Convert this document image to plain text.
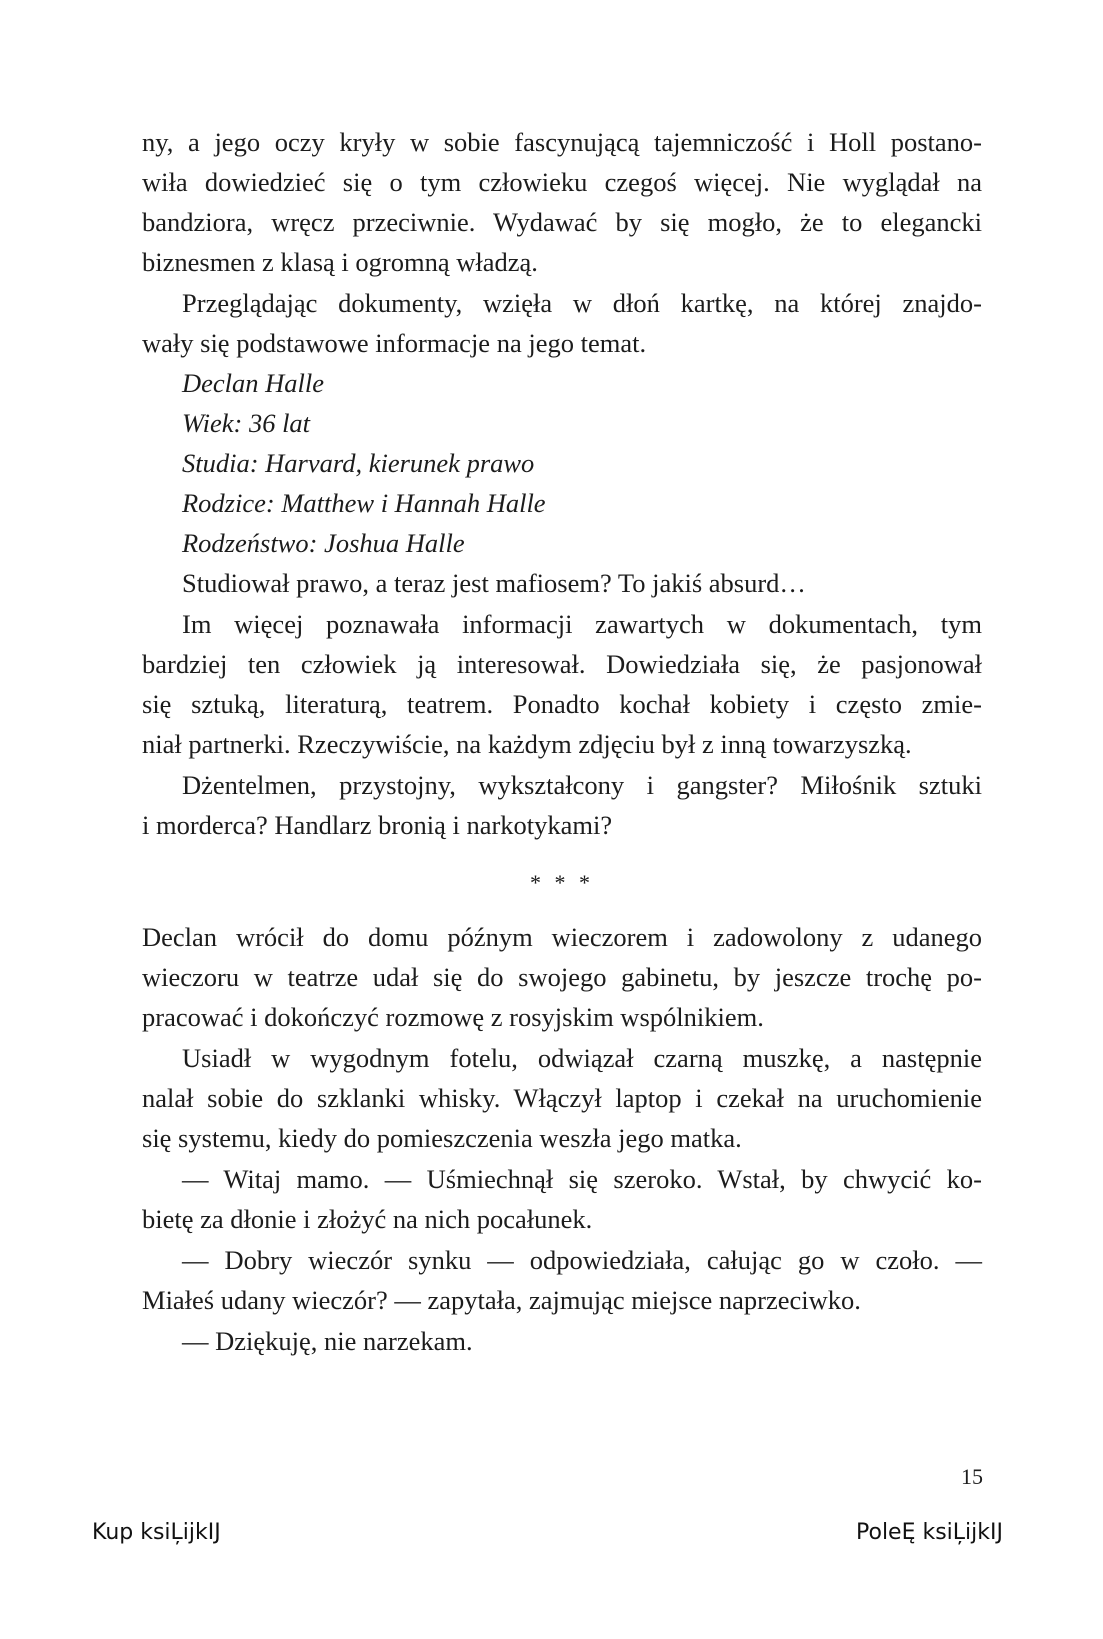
ny, a jego oczy kryły w sobie fascynującą tajemniczość i Holl postano-
wiła dowiedzieć się o tym człowieku czegoś więcej. Nie wyglądał na
bandziora, wręcz przeciwnie. Wydawać by się mogło, że to elegancki
biznesmen z klasą i ogromną władzą.
Przeglądając dokumenty, wzięła w dłoń kartkę, na której znajdo-
wały się podstawowe informacje na jego temat.
Declan Halle
Wiek: 36 lat
Studia: Harvard, kierunek prawo
Rodzice: Matthew i Hannah Halle
Rodzeństwo: Joshua Halle
Studiował prawo, a teraz jest mafiosem? To jakiś absurd…
Im więcej poznawała informacji zawartych w dokumentach, tym
bardziej ten człowiek ją interesował. Dowiedziała się, że pasjonował
się sztuką, literaturą, teatrem. Ponadto kochał kobiety i często zmie-
niał partnerki. Rzeczywiście, na każdym zdjęciu był z inną towarzyszką.
Dżentelmen, przystojny, wykształcony i gangster? Miłośnik sztuki
i morderca? Handlarz bronią i narkotykami?
* * *
Declan wrócił do domu późnym wieczorem i zadowolony z udanego
wieczoru w teatrze udał się do swojego gabinetu, by jeszcze trochę po-
pracować i dokończyć rozmowę z rosyjskim wspólnikiem.
Usiadł w wygodnym fotelu, odwiązał czarną muszkę, a następnie
nalał sobie do szklanki whisky. Włączył laptop i czekał na uruchomienie
się systemu, kiedy do pomieszczenia weszła jego matka.
— Witaj mamo. — Uśmiechnął się szeroko. Wstał, by chwycić ko-
bietę za dłonie i złożyć na nich pocałunek.
— Dobry wieczór synku — odpowiedziała, całując go w czoło. —
Miałeś udany wieczór? — zapytała, zajmując miejsce naprzeciwko.
— Dziękuję, nie narzekam.
15
Kup ksiĻĳkĲ	PoleĘ ksiĻĳkĲ
